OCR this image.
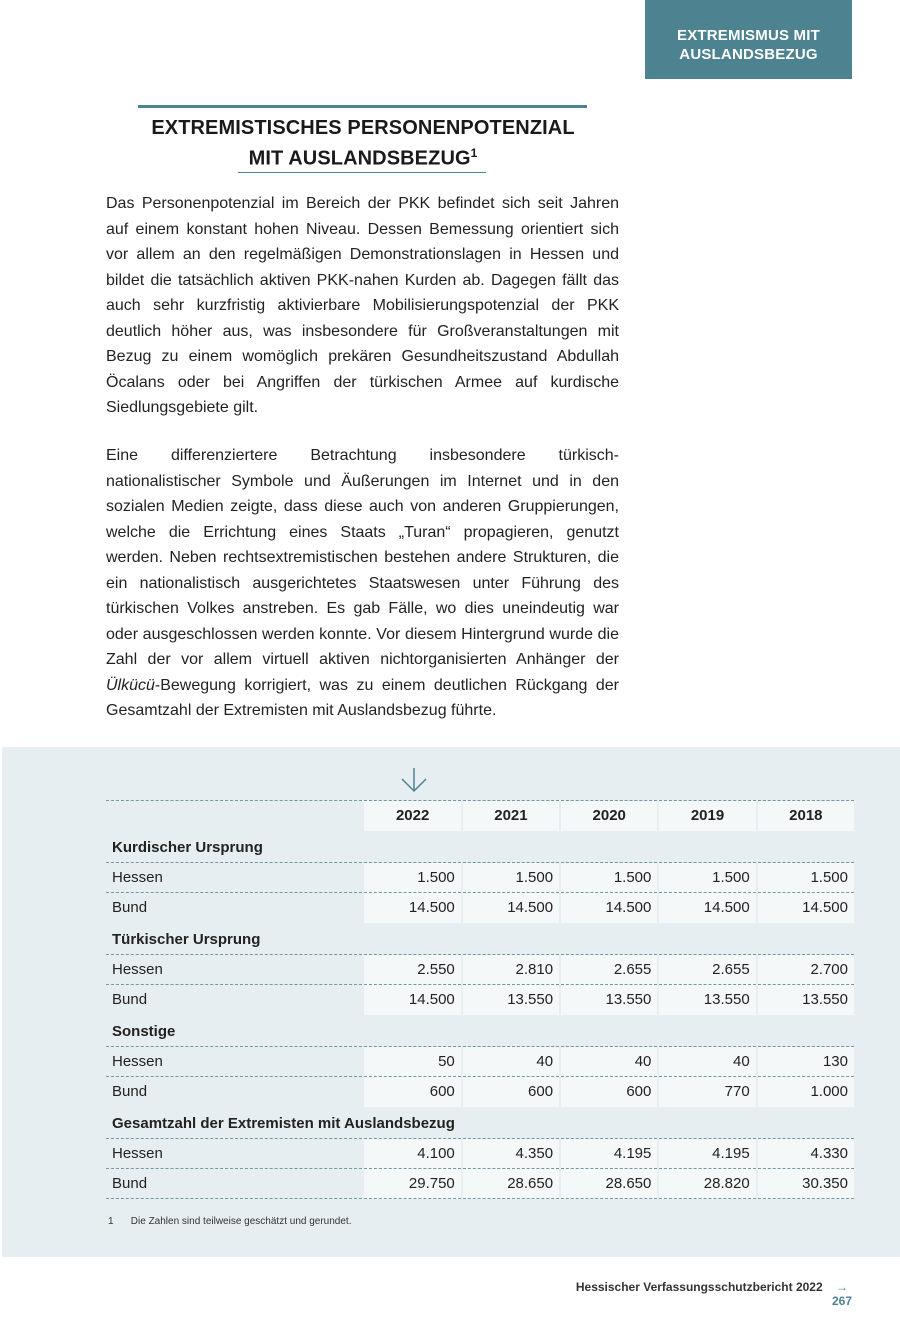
EXTREMISMUS MIT
AUSLANDSBEZUG
EXTREMISTISCHES PERSONENPOTENZIAL
MIT AUSLANDSBEZUG$^1$

Das Personenpotenzial im Bereich der PKK befindet sich seit Jahren auf einem konstant hohen Niveau. Dessen Bemessung orientiert sich vor allem an den regelmäßigen Demonstrationslagen in Hessen und bildet die tatsächlich aktiven PKK-nahen Kurden ab. Dagegen fällt das auch sehr kurzfristig aktivierbare Mobilisierungspotenzial der PKK deutlich höher aus, was insbesondere für Großveranstaltungen mit Bezug zu einem womöglich prekären Gesundheitszustand Abdullah Öcalans oder bei Angriffen der türkischen Armee auf kurdische Siedlungsgebiete gilt.

Eine differenziertere Betrachtung insbesondere türkisch-nationalistischer Symbole und Äußerungen im Internet und in den sozialen Medien zeigte, dass diese auch von anderen Gruppierungen, welche die Errichtung eines Staats „Turan“ propagieren, genutzt werden. Neben rechtsextremistischen bestehen andere Strukturen, die ein nationalistisch ausgerichtetes Staatswesen unter Führung des türkischen Volkes anstreben. Es gab Fälle, wo dies uneindeutig war oder ausgeschlossen werden konnte. Vor diesem Hintergrund wurde die Zahl der vor allem virtuell aktiven nichtorganisierten Anhänger der Ülkücü-Bewegung korrigiert, was zu einem deutlichen Rückgang der Gesamtzahl der Extremisten mit Auslandsbezug führte.

	2022	2021	2020	2019	2018
Kurdischer Ursprung					
Hessen	1.500	1.500	1.500	1.500	1.500
Bund	14.500	14.500	14.500	14.500	14.500
Türkischer Ursprung					
Hessen	2.550	2.810	2.655	2.655	2.700
Bund	14.500	13.550	13.550	13.550	13.550
Sonstige					
Hessen	50	40	40	40	130
Bund	600	600	600	770	1.000
Gesamtzahl der Extremisten mit Auslandsbezug					
Hessen	4.100	4.350	4.195	4.195	4.330
Bund	29.750	28.650	28.650	28.820	30.350
1 Die Zahlen sind teilweise geschätzt und gerundet.
Hessischer Verfassungsschutzbericht 2022 → 267
